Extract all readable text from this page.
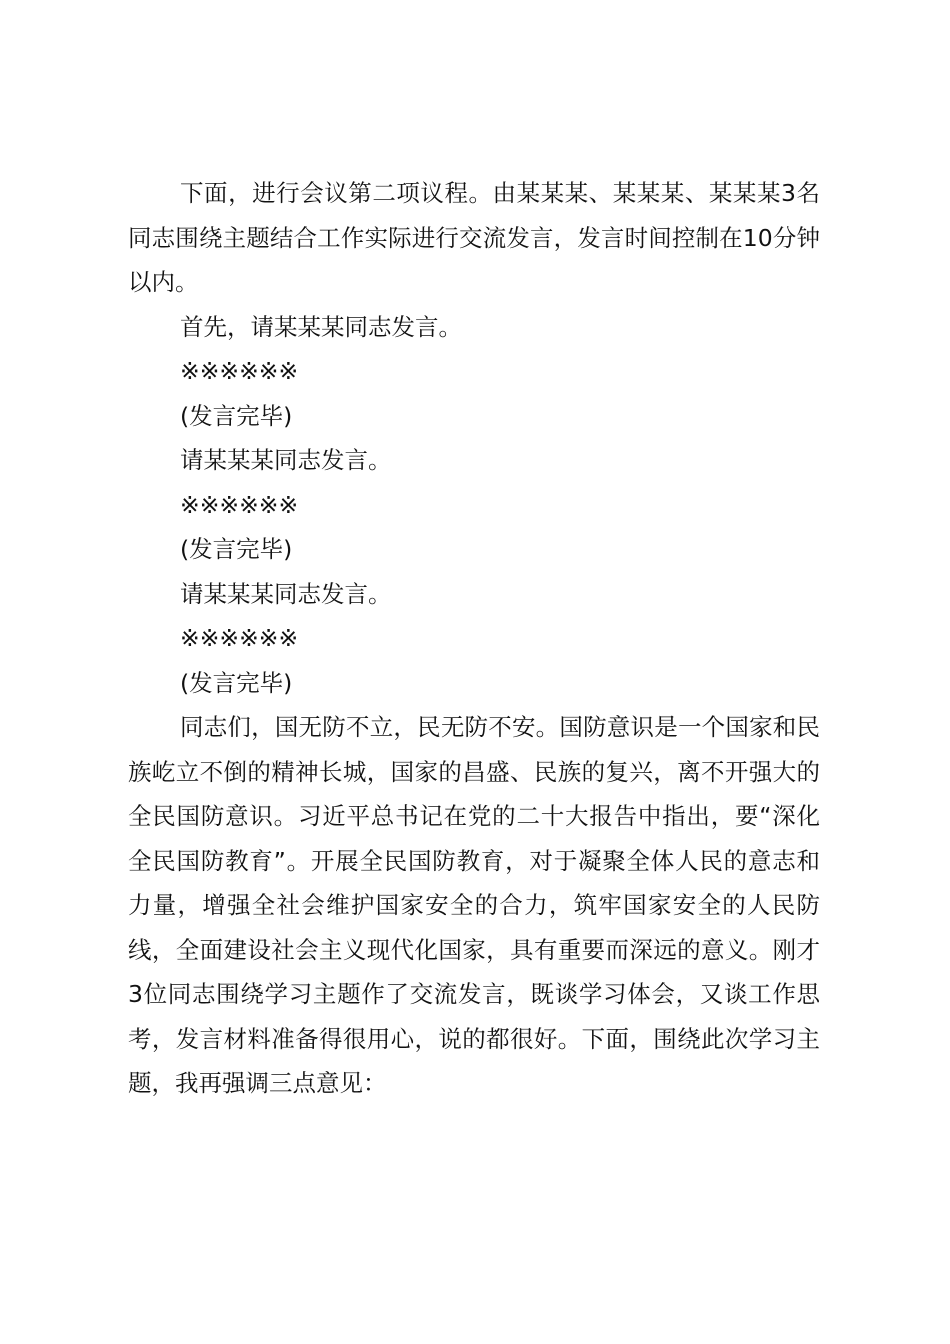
下面，进行会议第二项议程。由某某某、某某某、某某某3名同志围绕主题结合工作实际进行交流发言，发言时间控制在10分钟以内。

首先，请某某某同志发言。

※※※※※※

(发言完毕)

请某某某同志发言。

※※※※※※

(发言完毕)

请某某某同志发言。

※※※※※※

(发言完毕)

同志们，国无防不立，民无防不安。国防意识是一个国家和民族屹立不倒的精神长城，国家的昌盛、民族的复兴，离不开强大的全民国防意识。习近平总书记在党的二十大报告中指出，要“深化全民国防教育”。开展全民国防教育，对于凝聚全体人民的意志和力量，增强全社会维护国家安全的合力，筑牢国家安全的人民防线，全面建设社会主义现代化国家，具有重要而深远的意义。刚才3位同志围绕学习主题作了交流发言，既谈学习体会，又谈工作思考，发言材料准备得很用心，说的都很好。下面，围绕此次学习主题，我再强调三点意见：
